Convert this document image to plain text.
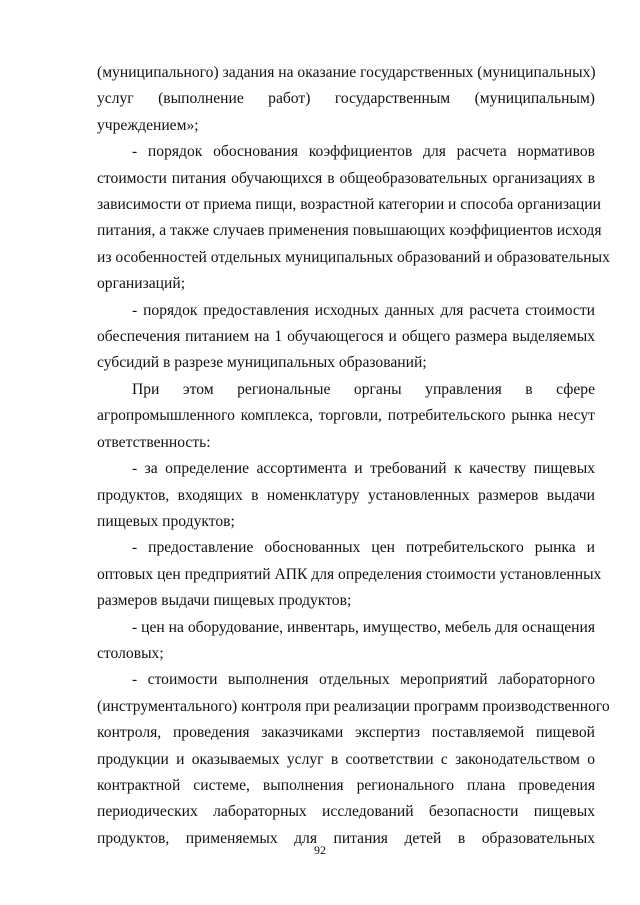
(муниципального) задания на оказание государственных (муниципальных)
услуг (выполнение работ) государственным (муниципальным)
учреждением»;
- порядок обоснования коэффициентов для расчета нормативов
стоимости питания обучающихся в общеобразовательных организациях в
зависимости от приема пищи, возрастной категории и способа организации
питания, а также случаев применения повышающих коэффициентов исходя
из особенностей отдельных муниципальных образований и образовательных
организаций;
- порядок предоставления исходных данных для расчета стоимости
обеспечения питанием на 1 обучающегося и общего размера выделяемых
субсидий в разрезе муниципальных образований;
При этом региональные органы управления в сфере
агропромышленного комплекса, торговли, потребительского рынка несут
ответственность:
- за определение ассортимента и требований к качеству пищевых
продуктов, входящих в номенклатуру установленных размеров выдачи
пищевых продуктов;
- предоставление обоснованных цен потребительского рынка и
оптовых цен предприятий АПК для определения стоимости установленных
размеров выдачи пищевых продуктов;
- цен на оборудование, инвентарь, имущество, мебель для оснащения
столовых;
- стоимости выполнения отдельных мероприятий лабораторного
(инструментального) контроля при реализации программ производственного
контроля, проведения заказчиками экспертиз поставляемой пищевой
продукции и оказываемых услуг в соответствии с законодательством о
контрактной системе, выполнения регионального плана проведения
периодических лабораторных исследований безопасности пищевых
продуктов, применяемых для питания детей в образовательных
92
